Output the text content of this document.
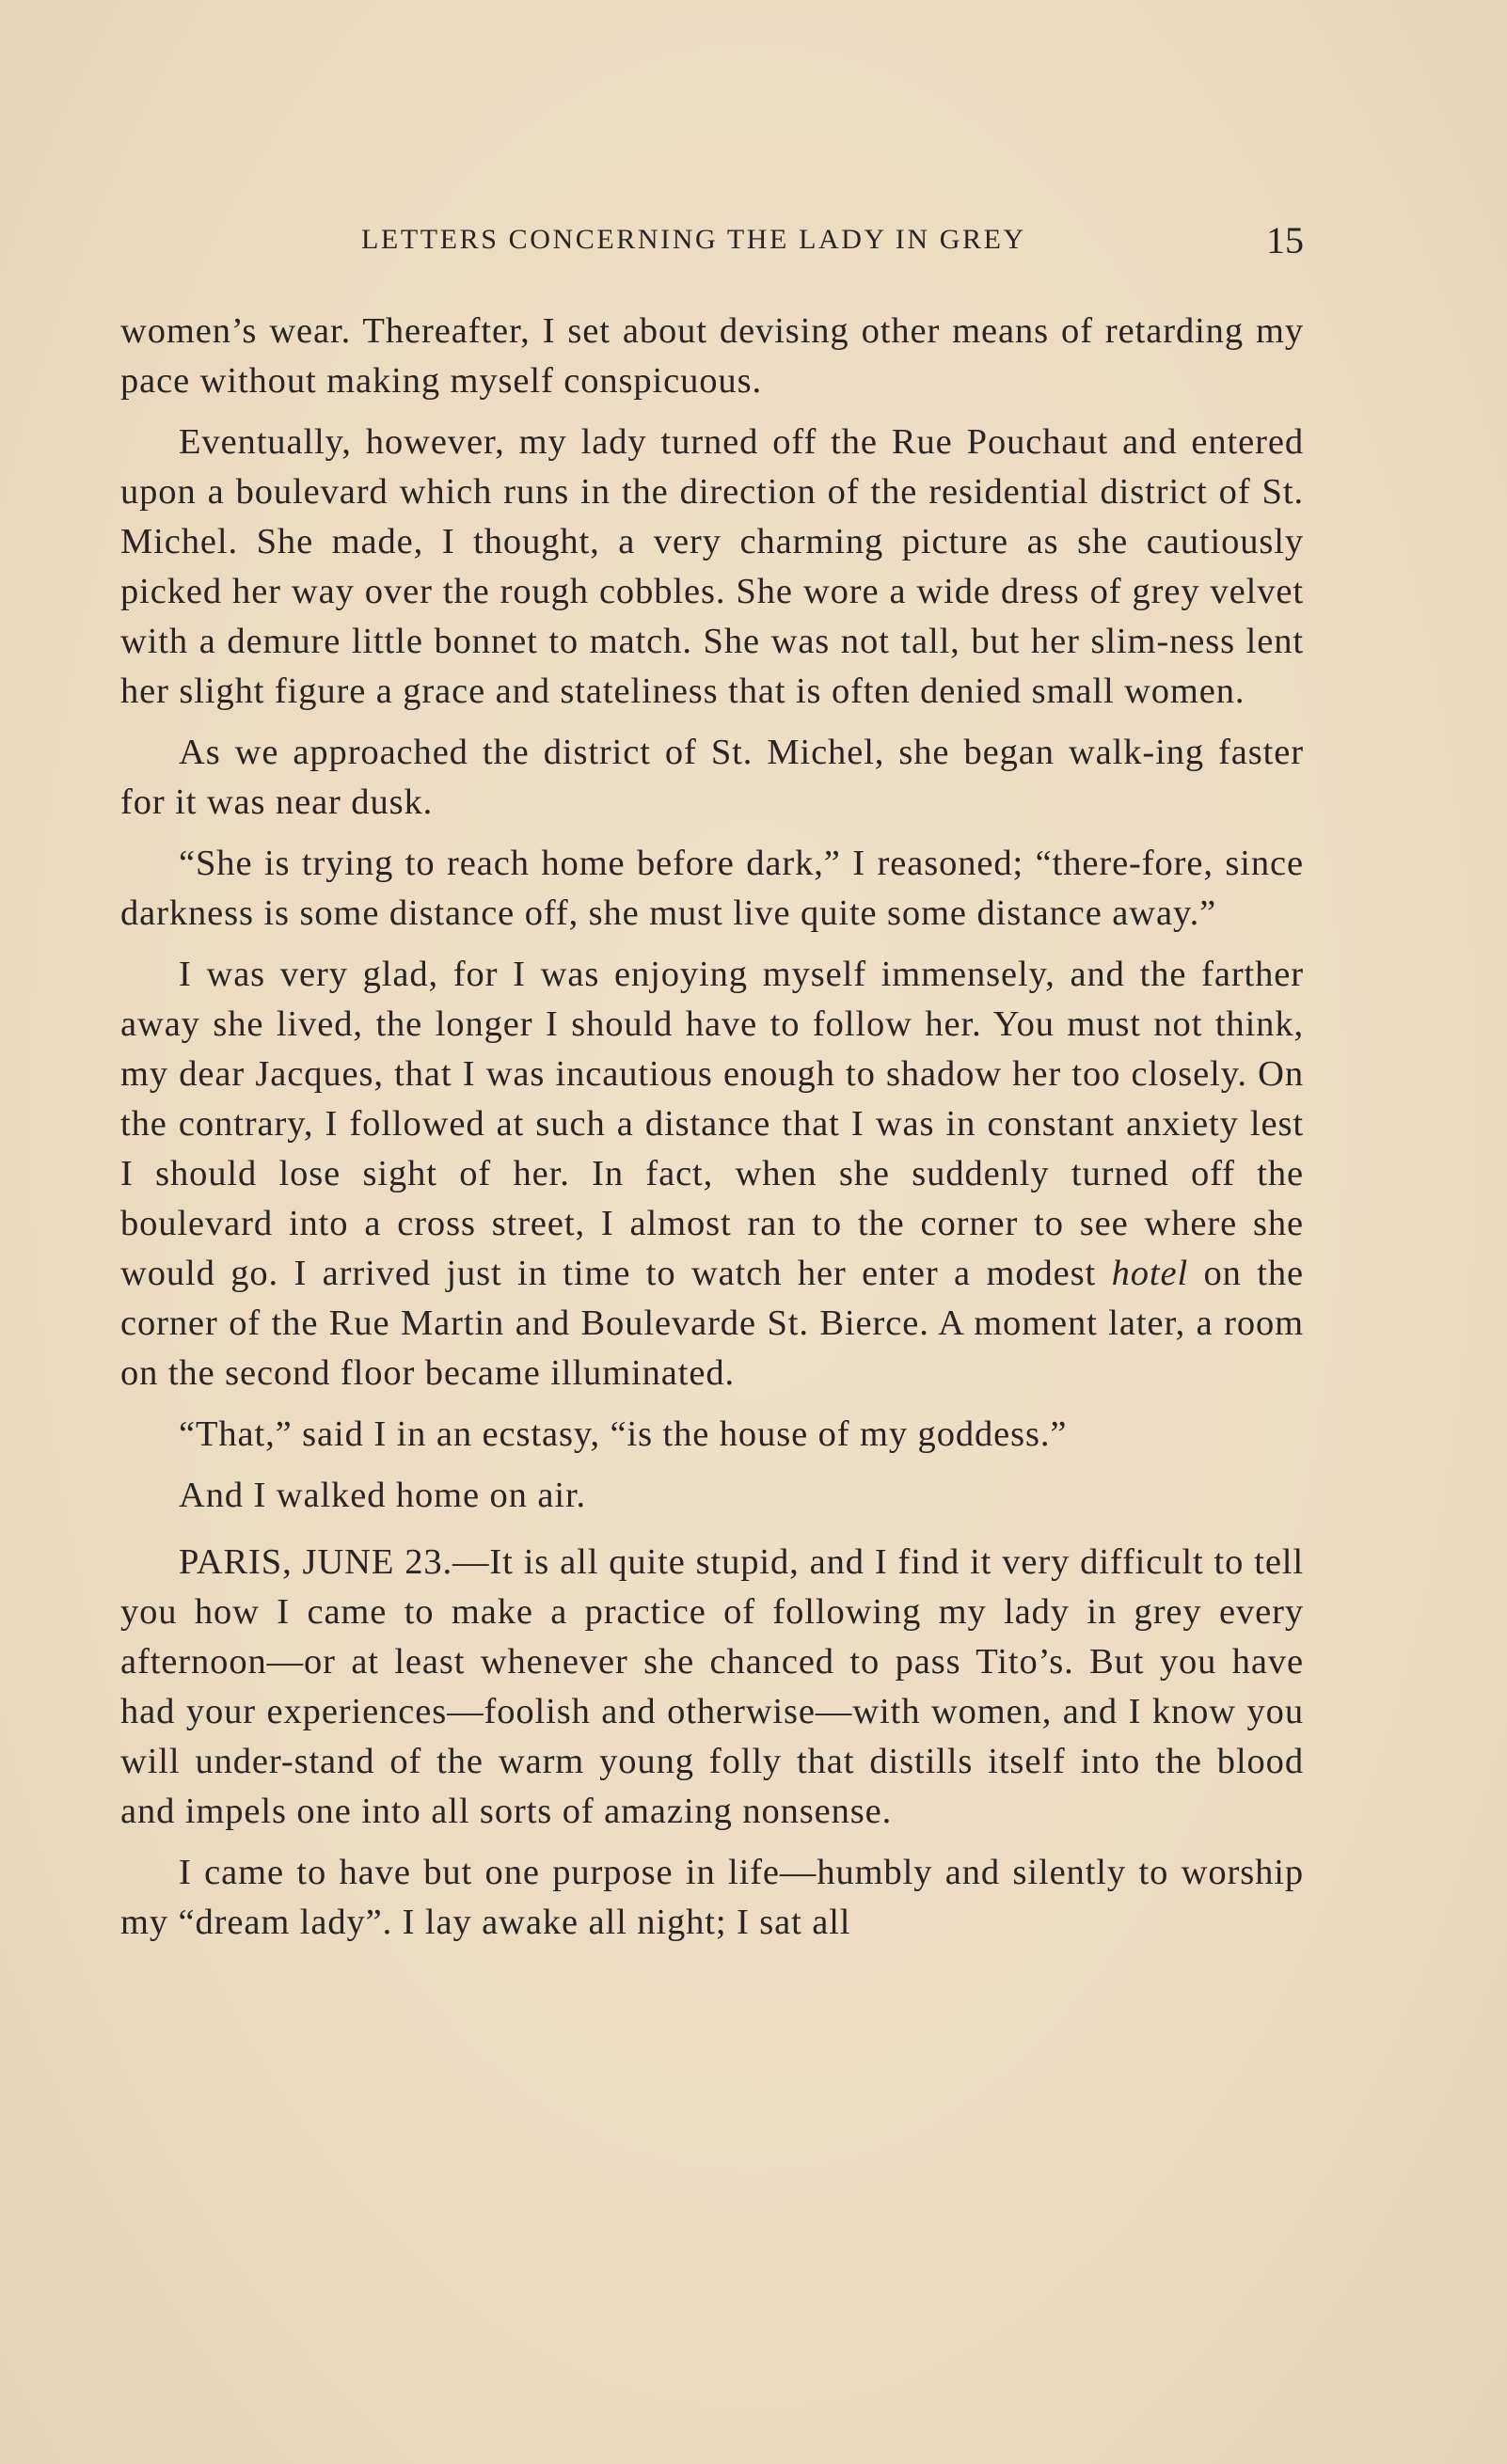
LETTERS CONCERNING THE LADY IN GREY	15

women’s wear. Thereafter, I set about devising other means of retarding my pace without making myself conspicuous.

Eventually, however, my lady turned off the Rue Pouchaut and entered upon a boulevard which runs in the direction of the residential district of St. Michel. She made, I thought, a very charming picture as she cautiously picked her way over the rough cobbles. She wore a wide dress of grey velvet with a demure little bonnet to match. She was not tall, but her slim-ness lent her slight figure a grace and stateliness that is often denied small women.

As we approached the district of St. Michel, she began walk-ing faster for it was near dusk.

“She is trying to reach home before dark,” I reasoned; “there-fore, since darkness is some distance off, she must live quite some distance away.”

I was very glad, for I was enjoying myself immensely, and the farther away she lived, the longer I should have to follow her. You must not think, my dear Jacques, that I was incautious enough to shadow her too closely. On the contrary, I followed at such a distance that I was in constant anxiety lest I should lose sight of her. In fact, when she suddenly turned off the boulevard into a cross street, I almost ran to the corner to see where she would go. I arrived just in time to watch her enter a modest hotel on the corner of the Rue Martin and Boulevarde St. Bierce. A moment later, a room on the second floor became illuminated.

“That,” said I in an ecstasy, “is the house of my goddess.”

And I walked home on air.

PARIS, JUNE 23.—It is all quite stupid, and I find it very difficult to tell you how I came to make a practice of following my lady in grey every afternoon—or at least whenever she chanced to pass Tito’s. But you have had your experiences—foolish and otherwise—with women, and I know you will under-stand of the warm young folly that distills itself into the blood and impels one into all sorts of amazing nonsense.

I came to have but one purpose in life—humbly and silently to worship my “dream lady”. I lay awake all night; I sat all
